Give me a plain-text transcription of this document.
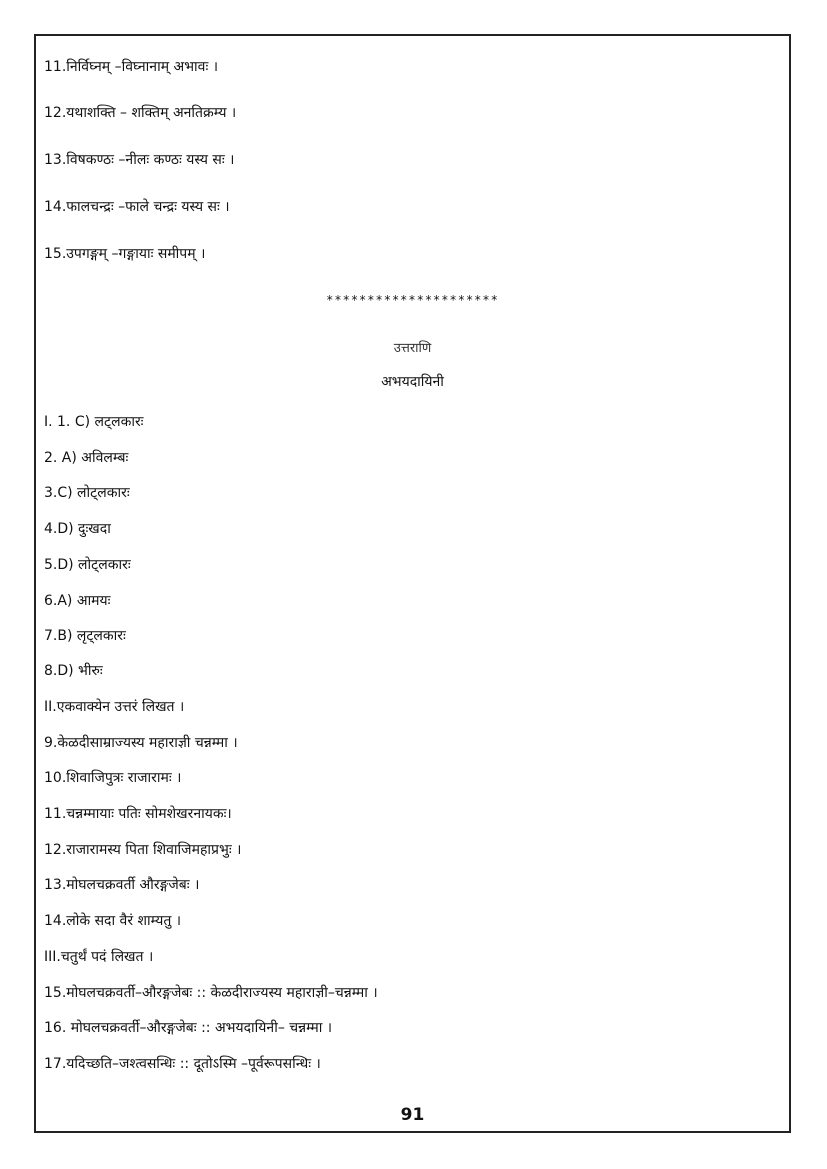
11.निर्विघ्नम् –विघ्नानाम् अभावः ।
12.यथाशक्ति – शक्तिम् अनतिक्रम्य ।
13.विषकण्ठः –नीलः कण्ठः यस्य सः ।
14.फालचन्द्रः –फाले चन्द्रः यस्य सः ।
15.उपगङ्गम् –गङ्गायाः समीपम् ।
*********************
उत्तराणि
अभयदायिनी
I. 1. C) लट्लकारः
2. A) अविलम्बः
3.C) लोट्लकारः
4.D) दुःखदा
5.D) लोट्लकारः
6.A) आमयः
7.B) लृट्लकारः
8.D) भीरुः
II.एकवाक्येन उत्तरं लिखत ।
9.केळदीसाम्राज्यस्य महाराज्ञी चन्नम्मा ।
10.शिवाजिपुत्रः राजारामः ।
11.चन्नम्मायाः पतिः सोमशेखरनायकः।
12.राजारामस्य पिता शिवाजिमहाप्रभुः ।
13.मोघलचक्रवर्ती औरङ्गजेबः ।
14.लोके सदा वैरं शाम्यतु ।
III.चतुर्थं पदं लिखत ।
15.मोघलचक्रवर्ती–औरङ्गजेबः :: केळदीराज्यस्य महाराज्ञी–चन्नम्मा ।
16. मोघलचक्रवर्ती–औरङ्गजेबः :: अभयदायिनी– चन्नम्मा ।
17.यदिच्छति–जश्त्वसन्धिः :: दूतोऽस्मि –पूर्वरूपसन्धिः ।
91
